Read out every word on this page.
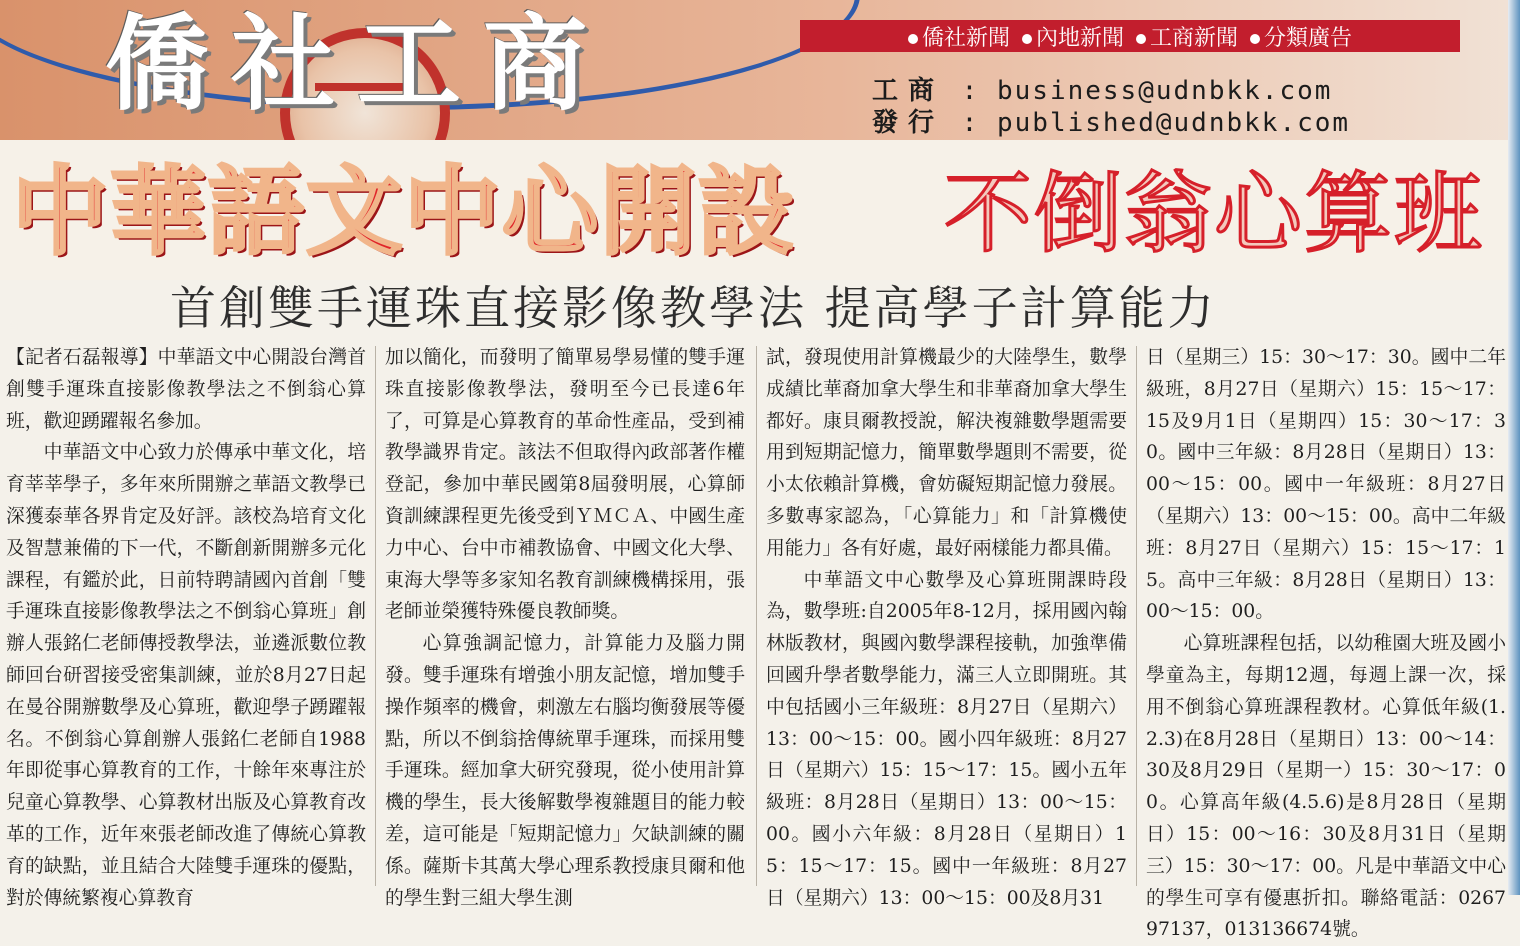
僑社工商	僑社新聞	內地新聞	工商新聞	分類廣告
工商 : business@udnbkk.com
發行 : published@udnbkk.com
中華語文中心開設 不倒翁心算班
首創雙手運珠直接影像教學法 提高學子計算能力

【記者石磊報導】中華語文中心開設台灣首創雙手運珠直接影像教學法之不倒翁心算班，歡迎踴躍報名參加。

中華語文中心致力於傳承中華文化，培育莘莘學子，多年來所開辦之華語文教學已深獲泰華各界肯定及好評。該校為培育文化及智慧兼備的下一代，不斷創新開辦多元化課程，有鑑於此，日前特聘請國內首創「雙手運珠直接影像教學法之不倒翁心算班」創辦人張銘仁老師傳授教學法，並遴派數位教師回台研習接受密集訓練，並於8月27日起在曼谷開辦數學及心算班，歡迎學子踴躍報名。不倒翁心算創辦人張銘仁老師自1988年即從事心算教育的工作，十餘年來專注於兒童心算教學、心算教材出版及心算教育改革的工作，近年來張老師改進了傳統心算教育的缺點，並且結合大陸雙手運珠的優點，對於傳統繁複心算教育

加以簡化，而發明了簡單易學易懂的雙手運珠直接影像教學法，發明至今已長達6年了，可算是心算教育的革命性產品，受到補教學識界肯定。該法不但取得內政部著作權登記，參加中華民國第8屆發明展，心算師資訓練課程更先後受到ＹＭＣＡ、中國生產力中心、台中市補教協會、中國文化大學、東海大學等多家知名教育訓練機構採用，張老師並榮獲特殊優良教師獎。

心算強調記憶力，計算能力及腦力開發。雙手運珠有增強小朋友記憶，增加雙手操作頻率的機會，刺激左右腦均衡發展等優點，所以不倒翁捨傳統單手運珠，而採用雙手運珠。經加拿大研究發現，從小使用計算機的學生，長大後解數學複雜題目的能力較差，這可能是「短期記憶力」欠缺訓練的關係。薩斯卡其萬大學心理系教授康貝爾和他的學生對三組大學生測

試，發現使用計算機最少的大陸學生，數學成績比華裔加拿大學生和非華裔加拿大學生都好。康貝爾教授說，解決複雜數學題需要用到短期記憶力，簡單數學題則不需要，從小太依賴計算機，會妨礙短期記憶力發展。多數專家認為，「心算能力」和「計算機使用能力」各有好處，最好兩樣能力都具備。

中華語文中心數學及心算班開課時段為，數學班:自2005年8-12月，採用國內翰林版教材，與國內數學課程接軌，加強準備回國升學者數學能力，滿三人立即開班。其中包括國小三年級班：8月27日（星期六）13：00～15：00。國小四年級班：8月27日（星期六）15：15～17：15。國小五年級班：8月28日（星期日）13：00～15：00。國小六年級：8月28日（星期日）15：15～17：15。國中一年級班：8月27日（星期六）13：00～15：00及8月31

日（星期三）15：30～17：30。國中二年級班，8月27日（星期六）15：15～17：15及9月1日（星期四）15：30～17：30。國中三年級：8月28日（星期日）13：00～15：00。國中一年級班：8月27日（星期六）13：00～15：00。高中二年級班：8月27日（星期六）15：15～17：15。高中三年級：8月28日（星期日）13：00～15：00。

心算班課程包括，以幼稚園大班及國小學童為主，每期12週，每週上課一次，採用不倒翁心算班課程教材。心算低年級(1.2.3)在8月28日（星期日）13：00～14：30及8月29日（星期一）15：30～17：00。心算高年級(4.5.6)是8月28日（星期日）15：00～16：30及8月31日（星期三）15：30～17：00。凡是中華語文中心的學生可享有優惠折扣。聯絡電話：026797137，013136674號。
